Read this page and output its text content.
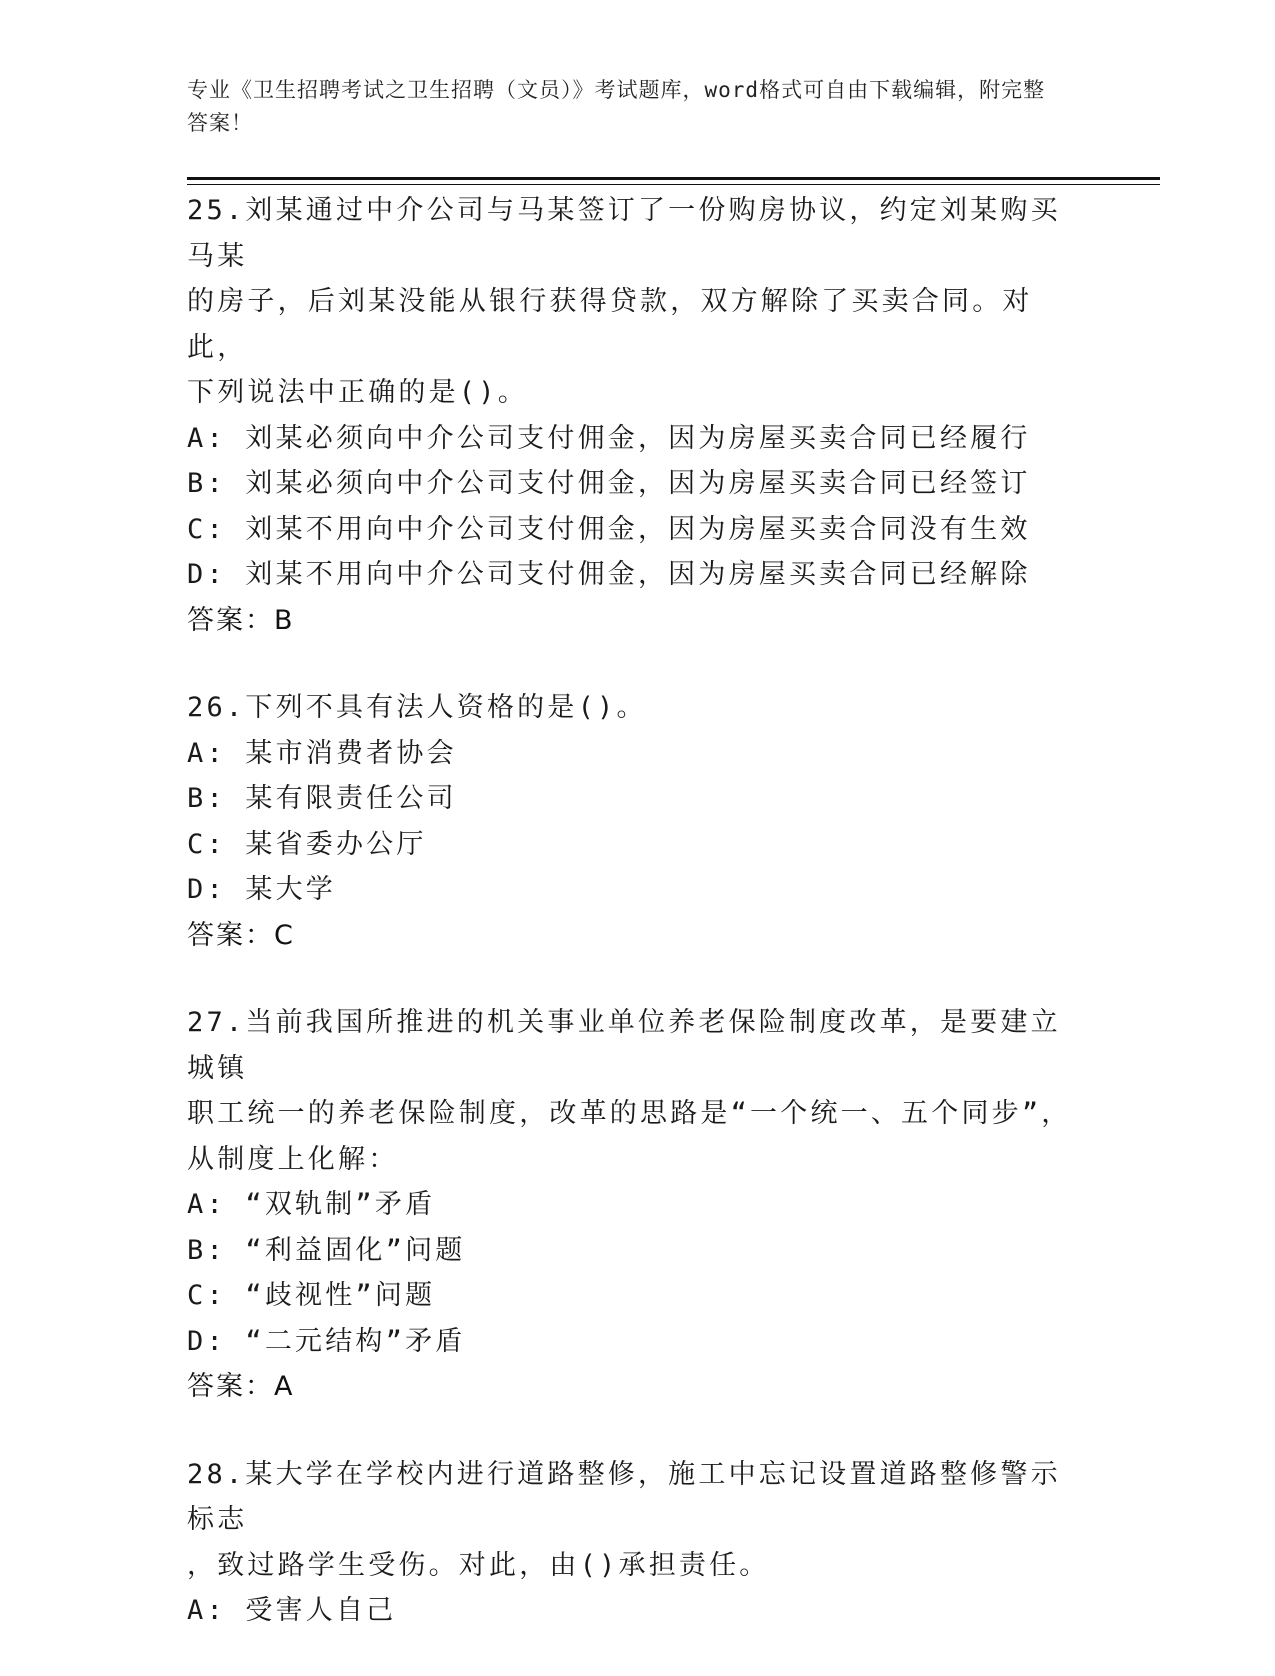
专业《卫生招聘考试之卫生招聘（文员）》考试题库，word格式可自由下载编辑，附完整答案！
25.刘某通过中介公司与马某签订了一份购房协议，约定刘某购买马某
的房子，后刘某没能从银行获得贷款，双方解除了买卖合同。对此，
下列说法中正确的是()。
A: 刘某必须向中介公司支付佣金，因为房屋买卖合同已经履行
B: 刘某必须向中介公司支付佣金，因为房屋买卖合同已经签订
C: 刘某不用向中介公司支付佣金，因为房屋买卖合同没有生效
D: 刘某不用向中介公司支付佣金，因为房屋买卖合同已经解除
答案：B
26.下列不具有法人资格的是()。
A: 某市消费者协会
B: 某有限责任公司
C: 某省委办公厅
D: 某大学
答案：C
27.当前我国所推进的机关事业单位养老保险制度改革，是要建立城镇
职工统一的养老保险制度，改革的思路是“一个统一、五个同步”，
从制度上化解：
A: “双轨制”矛盾
B: “利益固化”问题
C: “歧视性”问题
D: “二元结构”矛盾
答案：A
28.某大学在学校内进行道路整修，施工中忘记设置道路整修警示标志
，致过路学生受伤。对此，由()承担责任。
A: 受害人自己
